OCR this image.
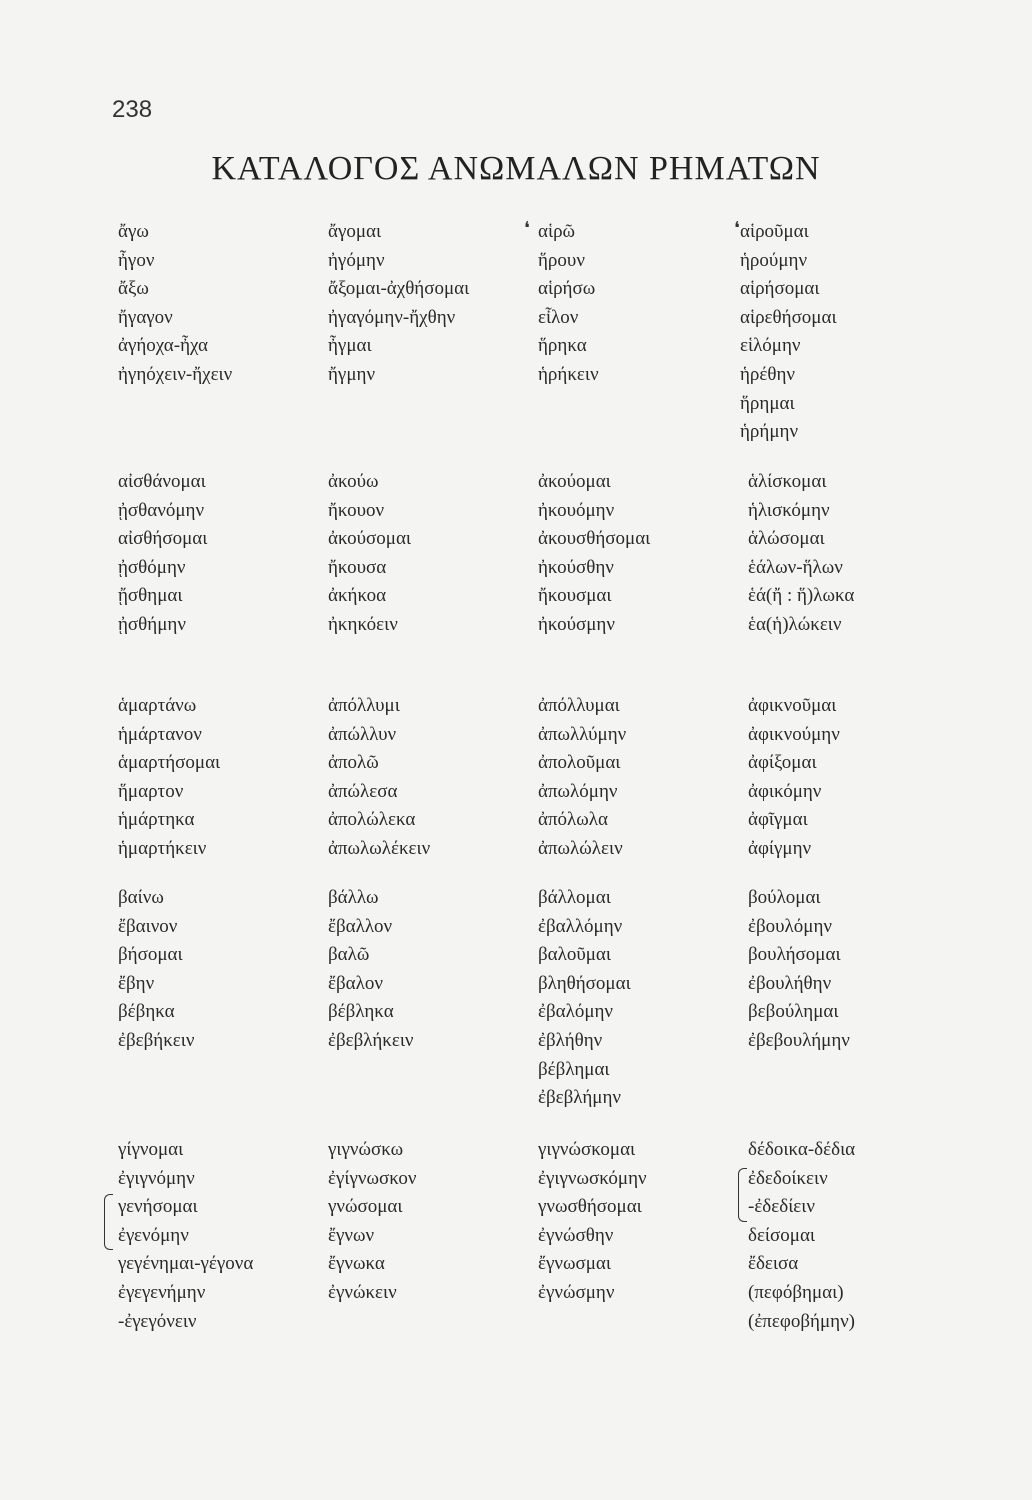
238
ΚΑΤΑΛΟΓΟΣ ΑΝΩΜΑΛΩΝ ΡΗΜΑΤΩΝ
ἄγω
ἦγον
ἄξω
ἤγαγον
ἀγήοχα-ἦχα
ἠγηόχειν-ἤχειν
ἄγομαι
ἠγόμην
ἄξομαι-ἀχθήσομαι
ἠγαγόμην-ἤχθην
ἦγμαι
ἤγμην
❛ αἱρῶ
ἥρουν
αἱρήσω
εἶλον
ἥρηκα
ἡρήκειν
❛ αἱροῦμαι
ἡρούμην
αἱρήσομαι
αἱρεθήσομαι
εἱλόμην
ἡρέθην
ἥρημαι
ἡρήμην
αἰσθάνομαι
ᾐσθανόμην
αἰσθήσομαι
ᾐσθόμην
ᾔσθημαι
ᾐσθήμην
ἀκούω
ἤκουον
ἀκούσομαι
ἤκουσα
ἀκήκοα
ἠκηκόειν
ἀκούομαι
ἠκουόμην
ἀκουσθήσομαι
ἠκούσθην
ἤκουσμαι
ἠκούσμην
ἁλίσκομαι
ἡλισκόμην
ἁλώσομαι
ἑάλων-ἥλων
ἑά(ἤ : ἥ)λωκα
ἑα(ἡ)λώκειν
ἁμαρτάνω
ἡμάρτανον
ἁμαρτήσομαι
ἥμαρτον
ἡμάρτηκα
ἡμαρτήκειν
ἀπόλλυμι
ἀπώλλυν
ἀπολῶ
ἀπώλεσα
ἀπολώλεκα
ἀπωλωλέκειν
ἀπόλλυμαι
ἀπωλλύμην
ἀπολοῦμαι
ἀπωλόμην
ἀπόλωλα
ἀπωλώλειν
ἀφικνοῦμαι
ἀφικνούμην
ἀφίξομαι
ἀφικόμην
ἀφῖγμαι
ἀφίγμην
βαίνω
ἔβαινον
βήσομαι
ἔβην
βέβηκα
ἐβεβήκειν
βάλλω
ἔβαλλον
βαλῶ
ἔβαλον
βέβληκα
ἐβεβλήκειν
βάλλομαι
ἐβαλλόμην
βαλοῦμαι
βληθήσομαι
ἐβαλόμην
ἐβλήθην
βέβλημαι
ἐβεβλήμην
βούλομαι
ἐβουλόμην
βουλήσομαι
ἐβουλήθην
βεβούλημαι
ἐβεβουλήμην
γίγνομαι
ἐγιγνόμην
γενήσομαι
ἐγενόμην
γεγένημαι-γέγονα
ἐγεγενήμην
-ἐγεγόνειν
γιγνώσκω
ἐγίγνωσκον
γνώσομαι
ἔγνων
ἔγνωκα
ἐγνώκειν
γιγνώσκομαι
ἐγιγνωσκόμην
γνωσθήσομαι
ἐγνώσθην
ἔγνωσμαι
ἐγνώσμην
δέδοικα-δέδια
ἐδεδοίκειν
-ἐδεδίειν
δείσομαι
ἔδεισα
(πεφόβημαι)
(ἐπεφοβήμην)
